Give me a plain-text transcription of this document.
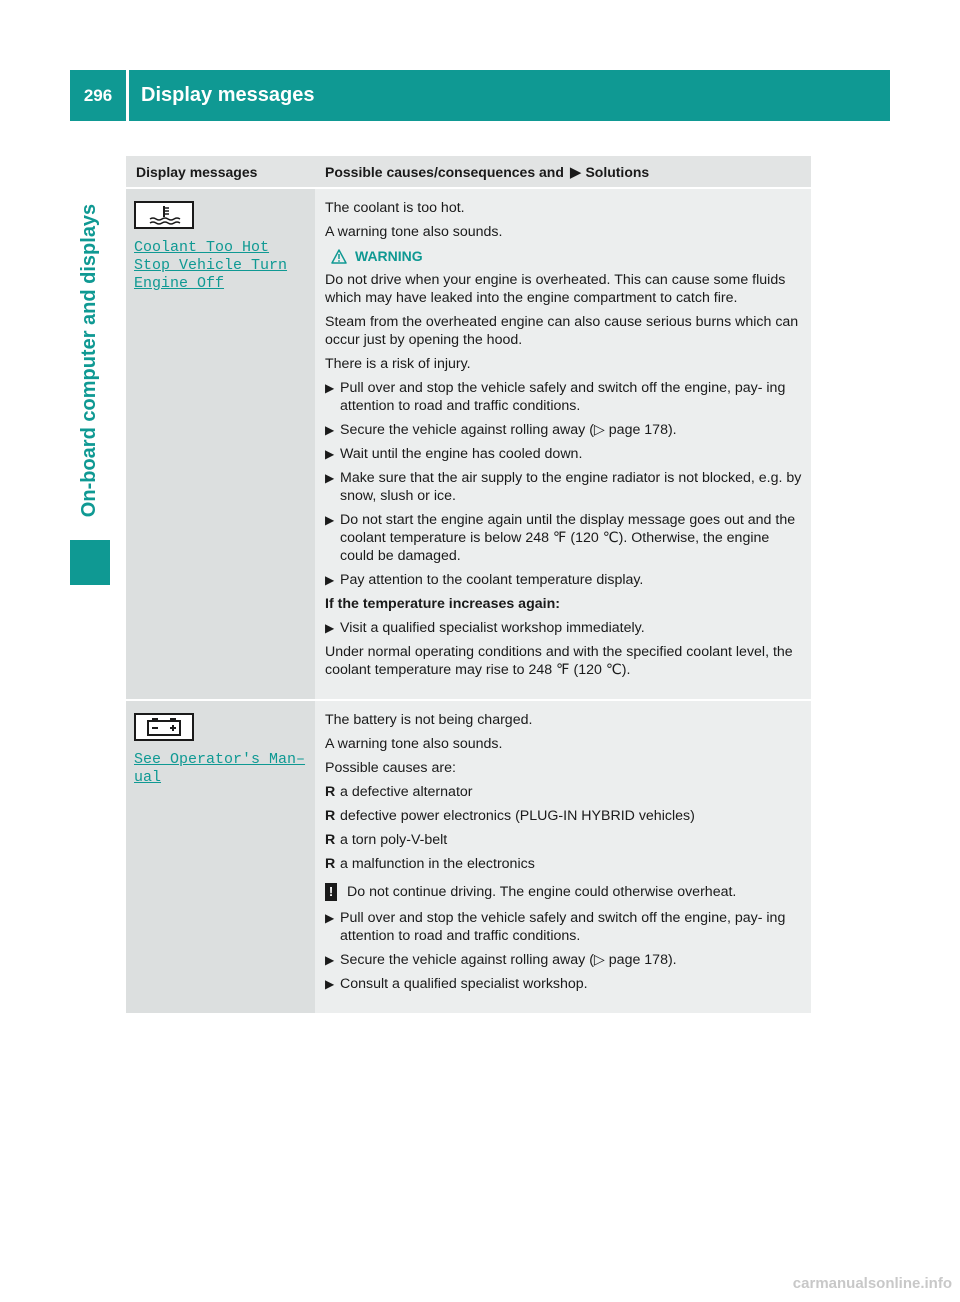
296	Display messages
On-board computer and displays
Display messages	Possible causes/consequences and ▶ Solutions
Coolant Too Hot
Stop Vehicle Turn
Engine Off

The coolant is too hot.

A warning tone also sounds.

WARNING

Do not drive when your engine is overheated. This can cause some fluids which may have leaked into the engine compartment to catch fire.

Steam from the overheated engine can also cause serious burns which can occur just by opening the hood.

There is a risk of injury.

▶ Pull over and stop the vehicle safely and switch off the engine, pay- ing attention to road and traffic conditions.
▶ Secure the vehicle against rolling away (▷ page 178).
▶ Wait until the engine has cooled down.
▶ Make sure that the air supply to the engine radiator is not blocked, e.g. by snow, slush or ice.
▶ Do not start the engine again until the display message goes out and the coolant temperature is below 248 ℉ (120 ℃). Otherwise, the engine could be damaged.
▶ Pay attention to the coolant temperature display.

If the temperature increases again:

▶ Visit a qualified specialist workshop immediately.

Under normal operating conditions and with the specified coolant level, the coolant temperature may rise to 248 ℉ (120 ℃).

See Operator's Man–
ual

The battery is not being charged.

A warning tone also sounds.

Possible causes are:

R a defective alternator
R defective power electronics (PLUG-IN HYBRID vehicles)
R a torn poly-V-belt
R a malfunction in the electronics
! Do not continue driving. The engine could otherwise overheat.
▶ Pull over and stop the vehicle safely and switch off the engine, pay- ing attention to road and traffic conditions.
▶ Secure the vehicle against rolling away (▷ page 178).
▶ Consult a qualified specialist workshop.
carmanualsonline.info
